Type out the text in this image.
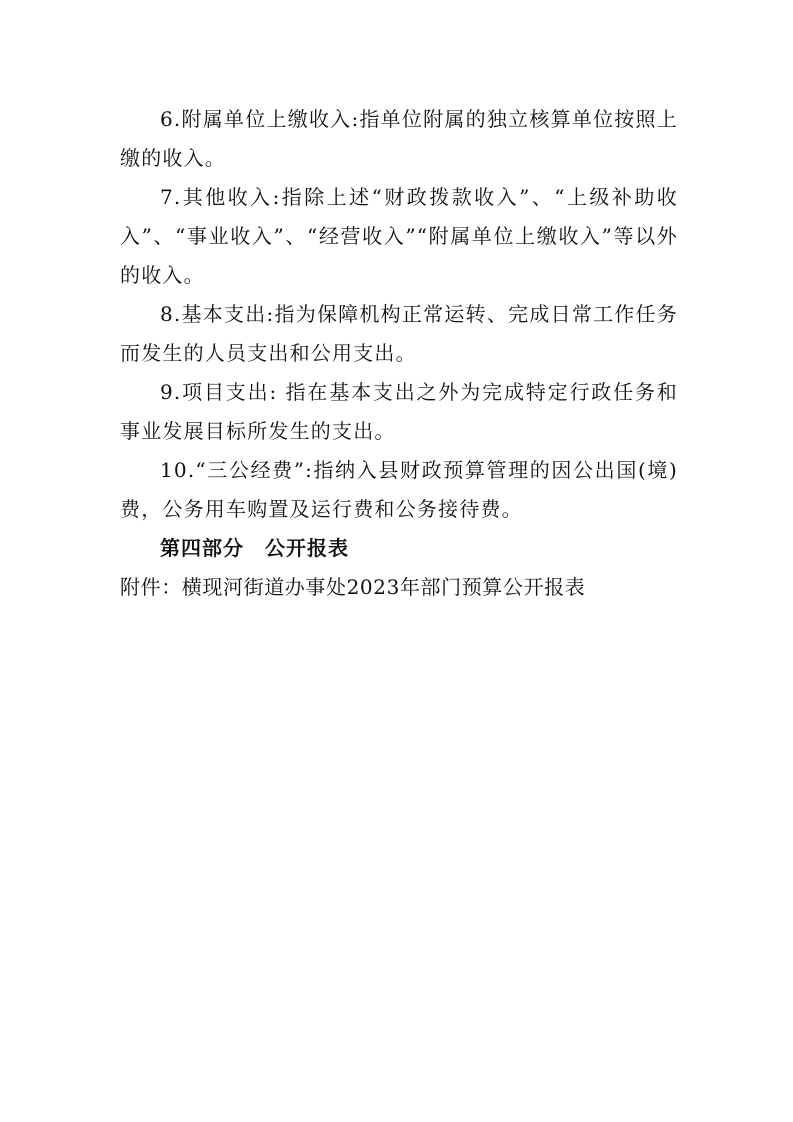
6.附属单位上缴收入:指单位附属的独立核算单位按照上缴的收入。

7.其他收入:指除上述“财政拨款收入”、“上级补助收入”、“事业收入”、“经营收入”“附属单位上缴收入”等以外的收入。

8.基本支出:指为保障机构正常运转、完成日常工作任务而发生的人员支出和公用支出。

9.项目支出: 指在基本支出之外为完成特定行政任务和事业发展目标所发生的支出。

10.“三公经费”:指纳入县财政预算管理的因公出国(境)费，公务用车购置及运行费和公务接待费。

第四部分　公开报表

附件：横现河街道办事处2023年部门预算公开报表
